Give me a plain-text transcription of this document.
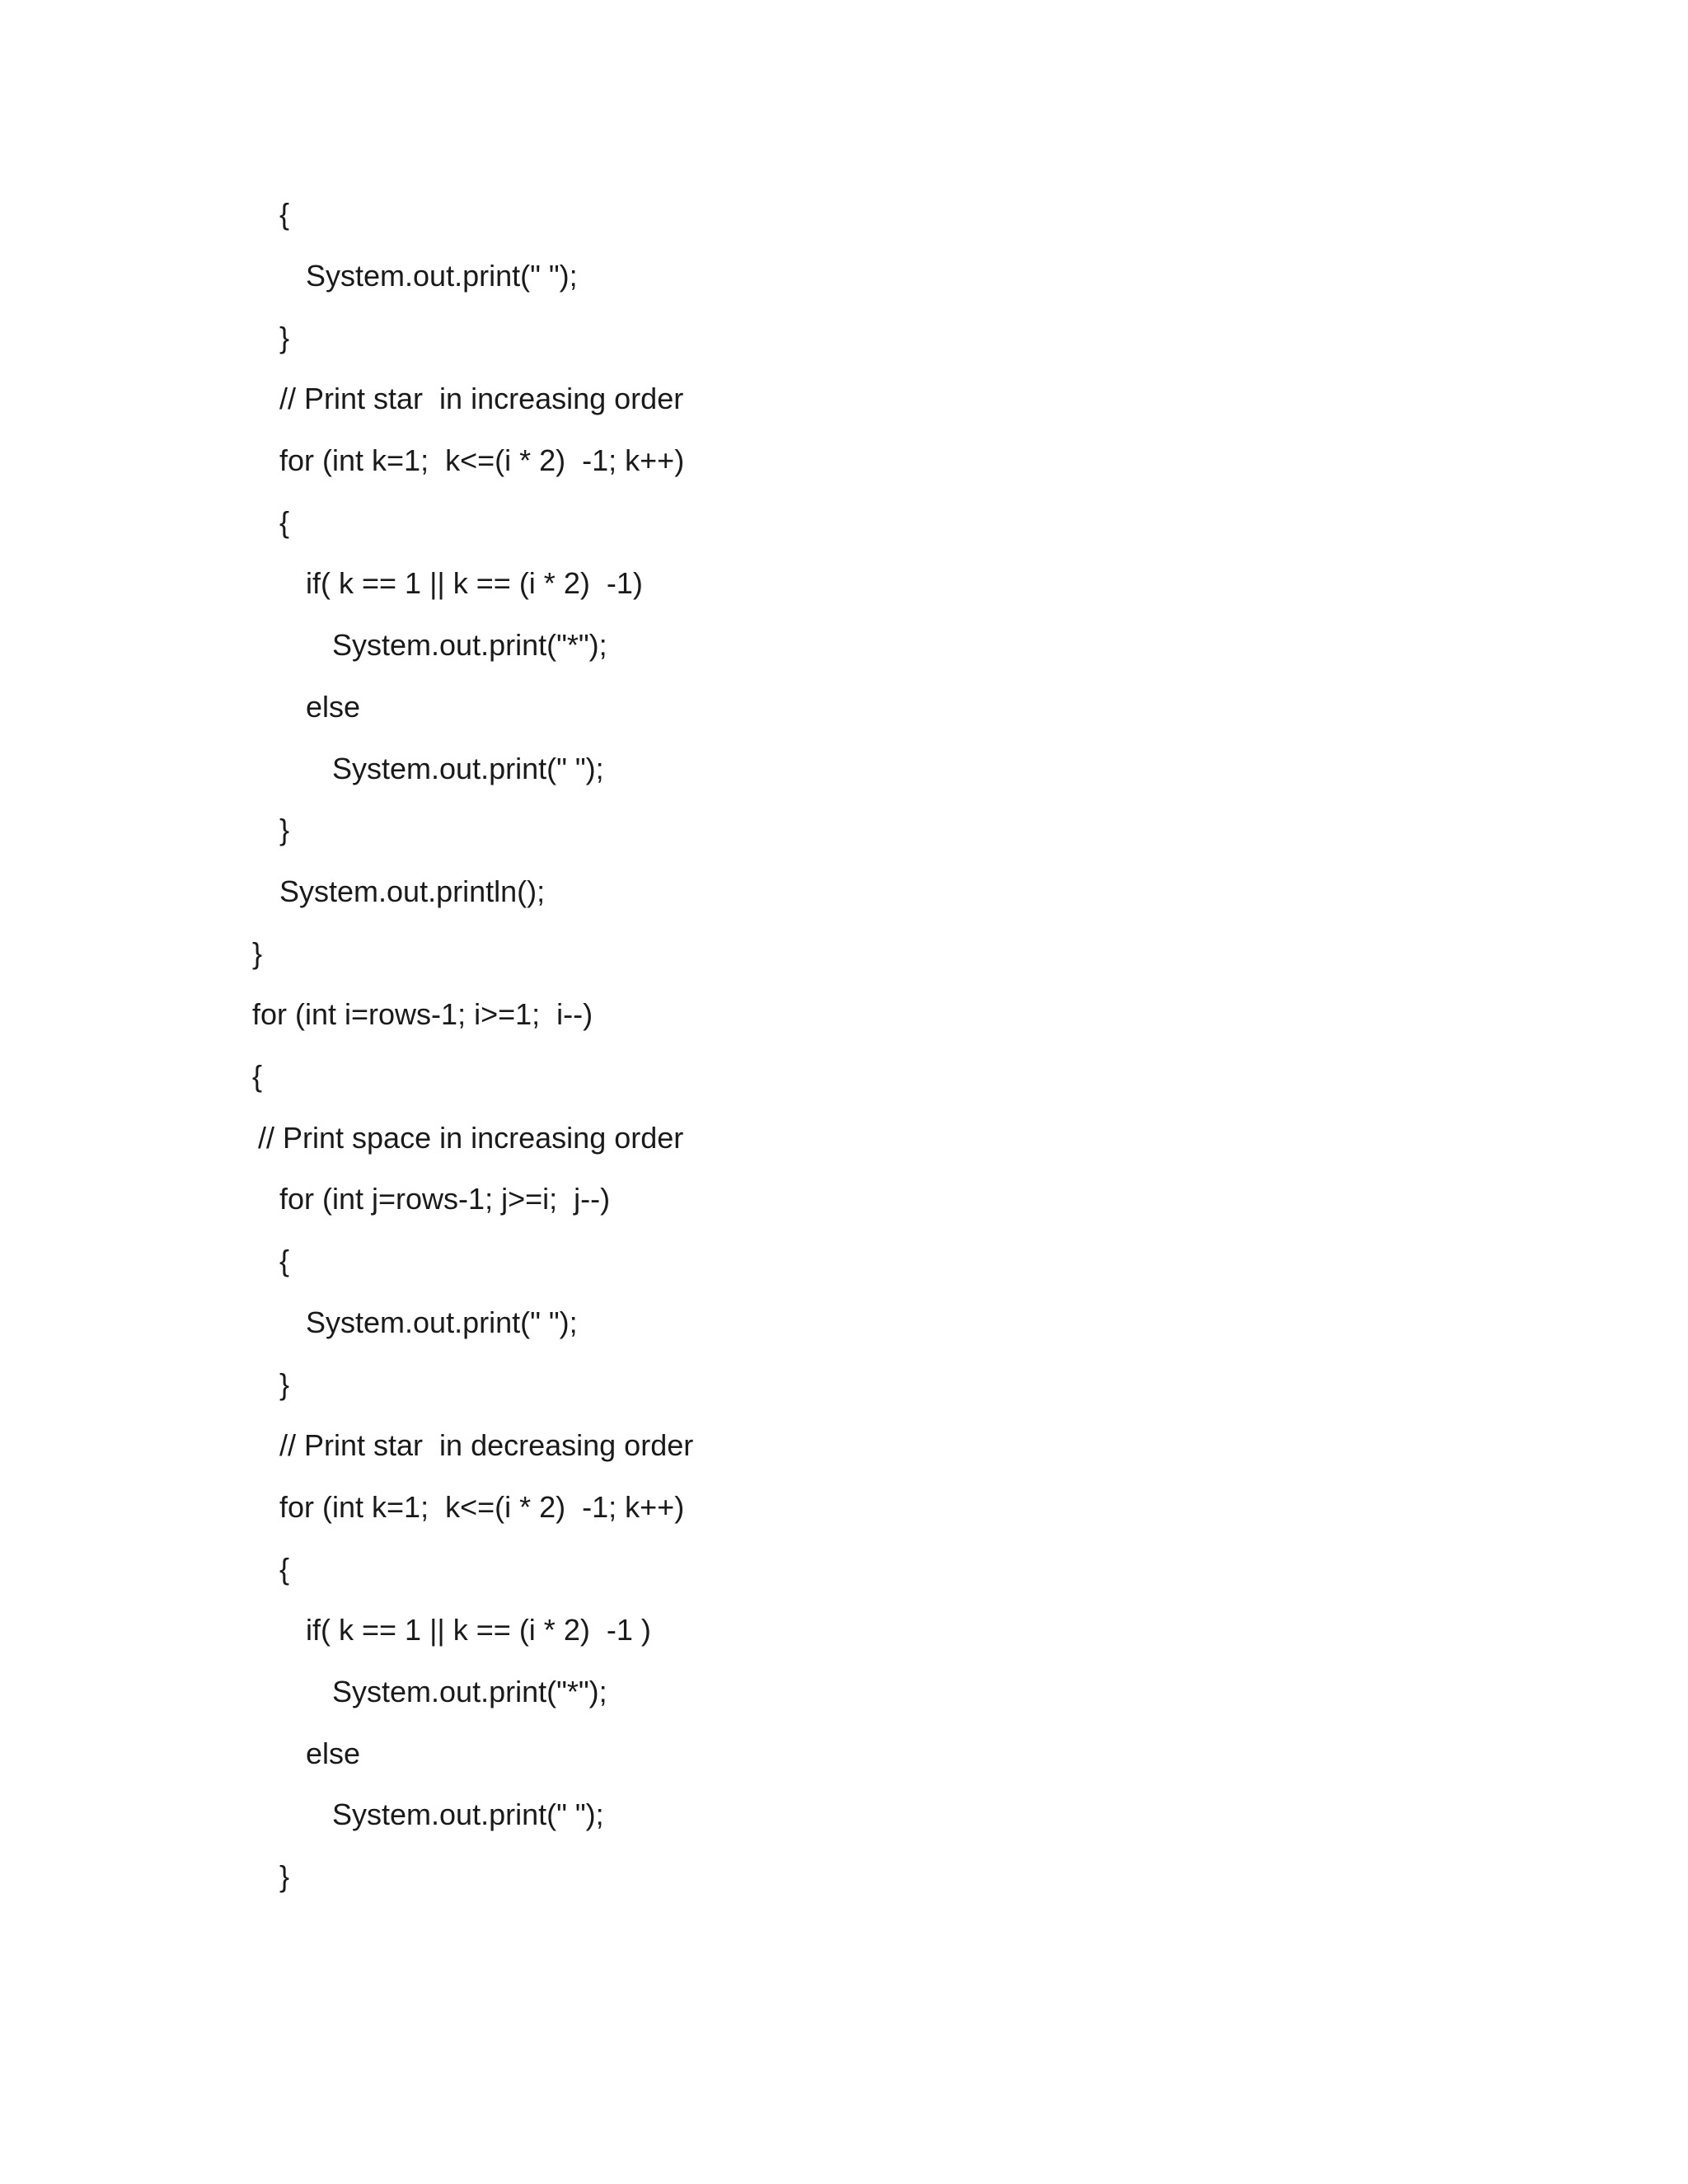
{
System.out.print(" ");
}
// Print star  in increasing order
for (int k=1;  k<=(i * 2)  -1; k++)
{
if( k == 1 || k == (i * 2)  -1)
System.out.print("*");
else
System.out.print(" ");
}
System.out.println();
}
for (int i=rows-1; i>=1;  i--)
{
// Print space in increasing order
for (int j=rows-1; j>=i;  j--)
{
System.out.print(" ");
}
// Print star  in decreasing order
for (int k=1;  k<=(i * 2)  -1; k++)
{
if( k == 1 || k == (i * 2)  -1 )
System.out.print("*");
else
System.out.print(" ");
}
